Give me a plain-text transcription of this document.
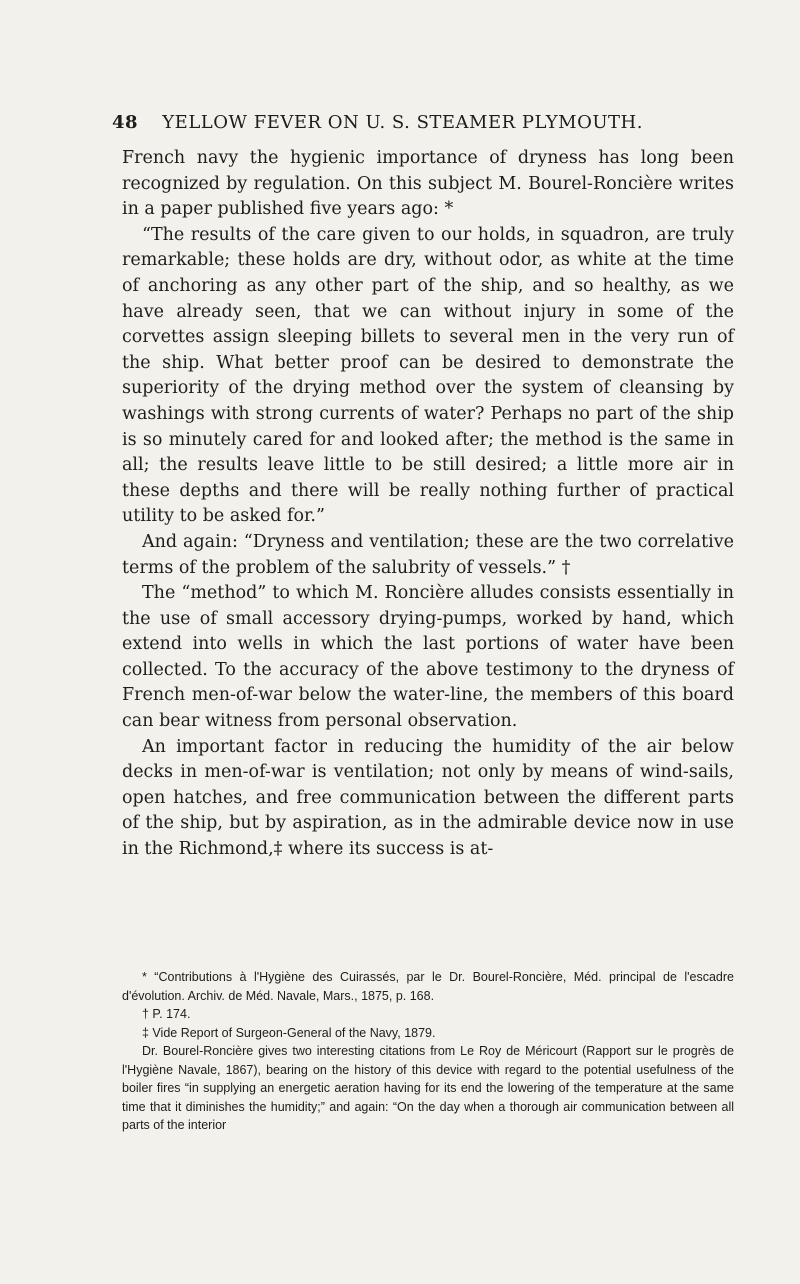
48 YELLOW FEVER ON U. S. STEAMER PLYMOUTH.

French navy the hygienic importance of dryness has long been recognized by regulation. On this subject M. Bourel-Roncière writes in a paper published five years ago: *

“The results of the care given to our holds, in squadron, are truly remarkable; these holds are dry, without odor, as white at the time of anchoring as any other part of the ship, and so healthy, as we have already seen, that we can without injury in some of the corvettes assign sleeping billets to several men in the very run of the ship. What better proof can be desired to demonstrate the superiority of the drying method over the system of cleansing by washings with strong currents of water? Perhaps no part of the ship is so minutely cared for and looked after; the method is the same in all; the results leave little to be still desired; a little more air in these depths and there will be really nothing further of practical utility to be asked for.”

And again: “Dryness and ventilation; these are the two correlative terms of the problem of the salubrity of vessels.” †

The “method” to which M. Roncière alludes consists essentially in the use of small accessory drying-pumps, worked by hand, which extend into wells in which the last portions of water have been collected. To the accuracy of the above testimony to the dryness of French men-of-war below the water-line, the members of this board can bear witness from personal observation.

An important factor in reducing the humidity of the air below decks in men-of-war is ventilation; not only by means of wind-sails, open hatches, and free communication between the different parts of the ship, but by aspiration, as in the admirable device now in use in the Richmond,‡ where its success is at-

* “Contributions à l'Hygiène des Cuirassés, par le Dr. Bourel-Roncière, Méd. principal de l'escadre d'évolution. Archiv. de Méd. Navale, Mars., 1875, p. 168.

† P. 174.

‡ Vide Report of Surgeon-General of the Navy, 1879.

Dr. Bourel-Roncière gives two interesting citations from Le Roy de Méricourt (Rapport sur le progrès de l'Hygiène Navale, 1867), bearing on the history of this device with regard to the potential usefulness of the boiler fires “in supplying an energetic aeration having for its end the lowering of the temperature at the same time that it diminishes the humidity;” and again: “On the day when a thorough air communication between all parts of the interior
